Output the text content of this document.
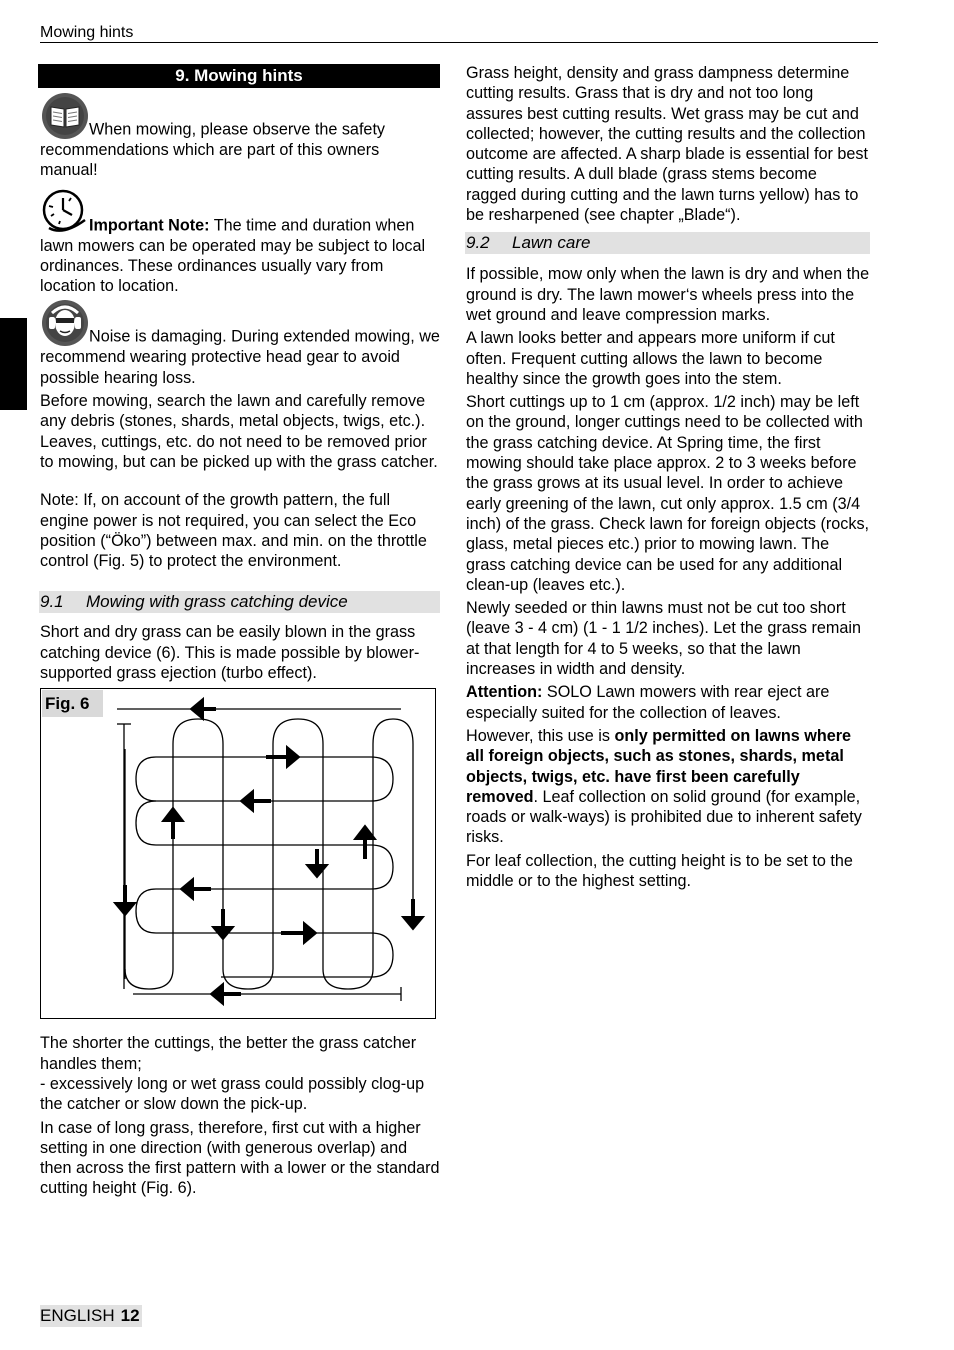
Mowing hints
9. Mowing hints

When mowing, please observe the safety recommendations which are part of this owners manual!

Important Note: The time and duration when lawn mowers can be operated may be subject to local ordinances. These ordinances usually vary from location to location.

Noise is damaging. During extended mowing, we recommend wearing protective head gear to avoid possible hearing loss.

Before mowing, search the lawn and carefully remove any debris (stones, shards, metal objects, twigs, etc.). Leaves, cuttings, etc. do not need to be removed prior to mowing, but can be picked up with the grass catcher.

Note: If, on account of the growth pattern, the full engine power is not required, you can select the Eco position (“Öko”) between max. and min. on the throttle control (Fig. 5) to protect the environment.

9.1 Mowing with grass catching device

Short and dry grass can be easily blown in the grass catching device (6). This is made possible by blower-supported grass ejection (turbo effect).

Fig. 6

The shorter the cuttings, the better the grass catcher handles them;

- excessively long or wet grass could possibly clog-up the catcher or slow down the pick-up.

In case of long grass, therefore, first cut with a higher setting in one direction (with generous overlap) and then across the first pattern with a lower or the standard cutting height (Fig. 6).

Grass height, density and grass dampness determine cutting results. Grass that is dry and not too long assures best cutting results. Wet grass may be cut and collected; however, the cutting results and the collection outcome are affected. A sharp blade is essential for best cutting results. A dull blade (grass stems become ragged during cutting and the lawn turns yellow) has to be resharpened (see chapter „Blade“).

9.2 Lawn care

If possible, mow only when the lawn is dry and when the ground is dry. The lawn mower‘s wheels press into the wet ground and leave compression marks.

A lawn looks better and appears more uniform if cut often. Frequent cutting allows the lawn to become healthy since the growth goes into the stem.

Short cuttings up to 1 cm (approx. 1/2 inch) may be left on the ground, longer cuttings need to be collected with the grass catching device. At Spring time, the first mowing should take place approx. 2 to 3 weeks before the grass grows at its usual level. In order to achieve early greening of the lawn, cut only approx. 1.5 cm (3/4 inch) of the grass. Check lawn for foreign objects (rocks, glass, metal pieces etc.) prior to mowing lawn. The grass catching device can be used for any additional clean-up (leaves etc.).

Newly seeded or thin lawns must not be cut too short (leave 3 - 4 cm) (1 - 1 1/2 inches). Let the grass remain at that length for 4 to 5 weeks, so that the lawn increases in width and density.

Attention: SOLO Lawn mowers with rear eject are especially suited for the collection of leaves.

However, this use is only permitted on lawns where all foreign objects, such as stones, shards, metal objects, twigs, etc. have first been carefully removed. Leaf collection on solid ground (for example, roads or walk-ways) is prohibited due to inherent safety risks.

For leaf collection, the cutting height is to be set to the middle or to the highest setting.

ENGLISH 12
